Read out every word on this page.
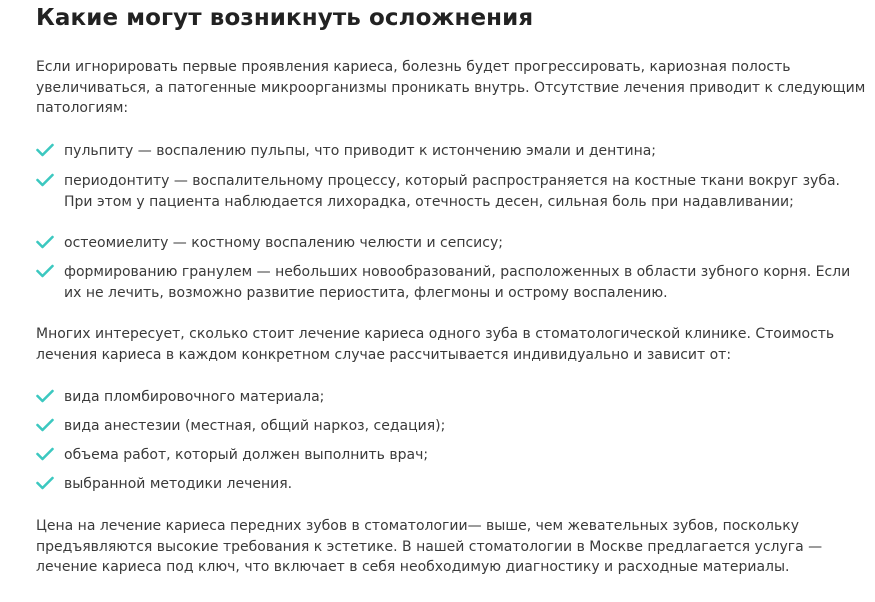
Какие могут возникнуть осложнения

Если игнорировать первые проявления кариеса, болезнь будет прогрессировать, кариозная полость увеличиваться, а патогенные микроорганизмы проникать внутрь. Отсутствие лечения приводит к следующим патологиям:

пульпиту — воспалению пульпы, что приводит к истончению эмали и дентина;
периодонтиту — воспалительному процессу, который распространяется на костные ткани вокруг зуба. При этом у пациента наблюдается лихорадка, отечность десен, сильная боль при надавливании;
остеомиелиту — костному воспалению челюсти и сепсису;
формированию гранулем — небольших новообразований, расположенных в области зубного корня. Если их не лечить, возможно развитие периостита, флегмоны и острому воспалению.

Многих интересует, сколько стоит лечение кариеса одного зуба в стоматологической клинике. Стоимость лечения кариеса в каждом конкретном случае рассчитывается индивидуально и зависит от:

вида пломбировочного материала;
вида анестезии (местная, общий наркоз, седация);
объема работ, который должен выполнить врач;
выбранной методики лечения.

Цена на лечение кариеса передних зубов в стоматологии— выше, чем жевательных зубов, поскольку предъявляются высокие требования к эстетике. В нашей стоматологии в Москве предлагается услуга — лечение кариеса под ключ, что включает в себя необходимую диагностику и расходные материалы.
